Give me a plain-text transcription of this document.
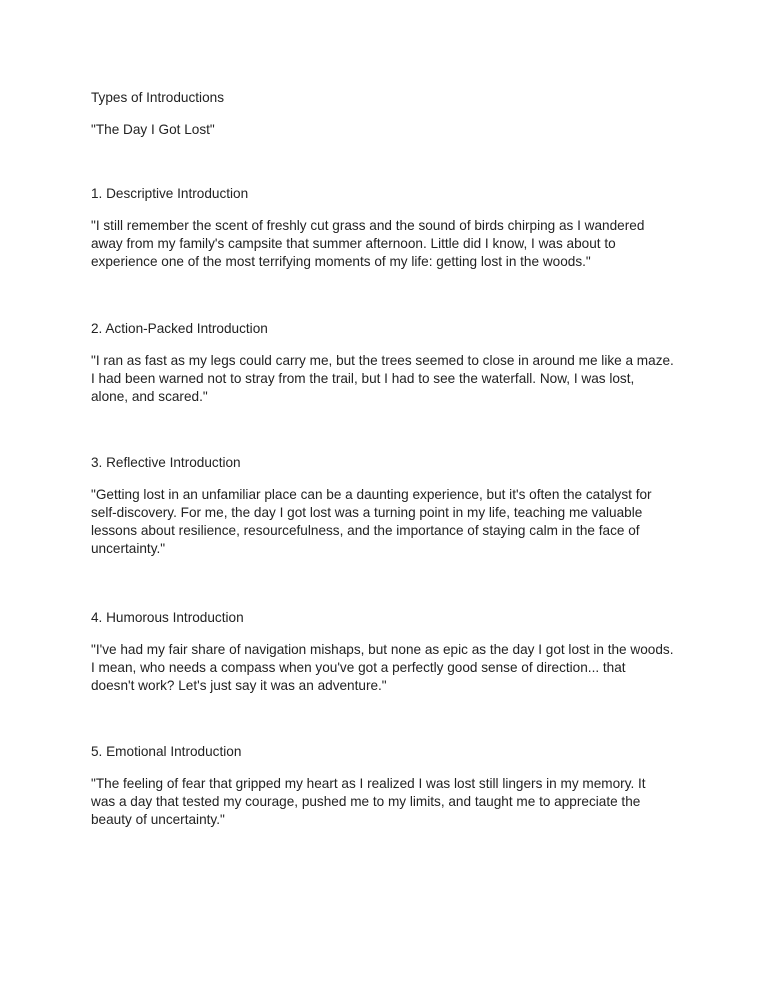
Types of Introductions

"The Day I Got Lost"

1. Descriptive Introduction

"I still remember the scent of freshly cut grass and the sound of birds chirping as I wandered
away from my family's campsite that summer afternoon. Little did I know, I was about to
experience one of the most terrifying moments of my life: getting lost in the woods."

2. Action-Packed Introduction

"I ran as fast as my legs could carry me, but the trees seemed to close in around me like a maze.
I had been warned not to stray from the trail, but I had to see the waterfall. Now, I was lost,
alone, and scared."

3. Reflective Introduction

"Getting lost in an unfamiliar place can be a daunting experience, but it's often the catalyst for
self-discovery. For me, the day I got lost was a turning point in my life, teaching me valuable
lessons about resilience, resourcefulness, and the importance of staying calm in the face of
uncertainty."

4. Humorous Introduction

"I've had my fair share of navigation mishaps, but none as epic as the day I got lost in the woods.
I mean, who needs a compass when you've got a perfectly good sense of direction... that
doesn't work? Let's just say it was an adventure."

5. Emotional Introduction

"The feeling of fear that gripped my heart as I realized I was lost still lingers in my memory. It
was a day that tested my courage, pushed me to my limits, and taught me to appreciate the
beauty of uncertainty."
